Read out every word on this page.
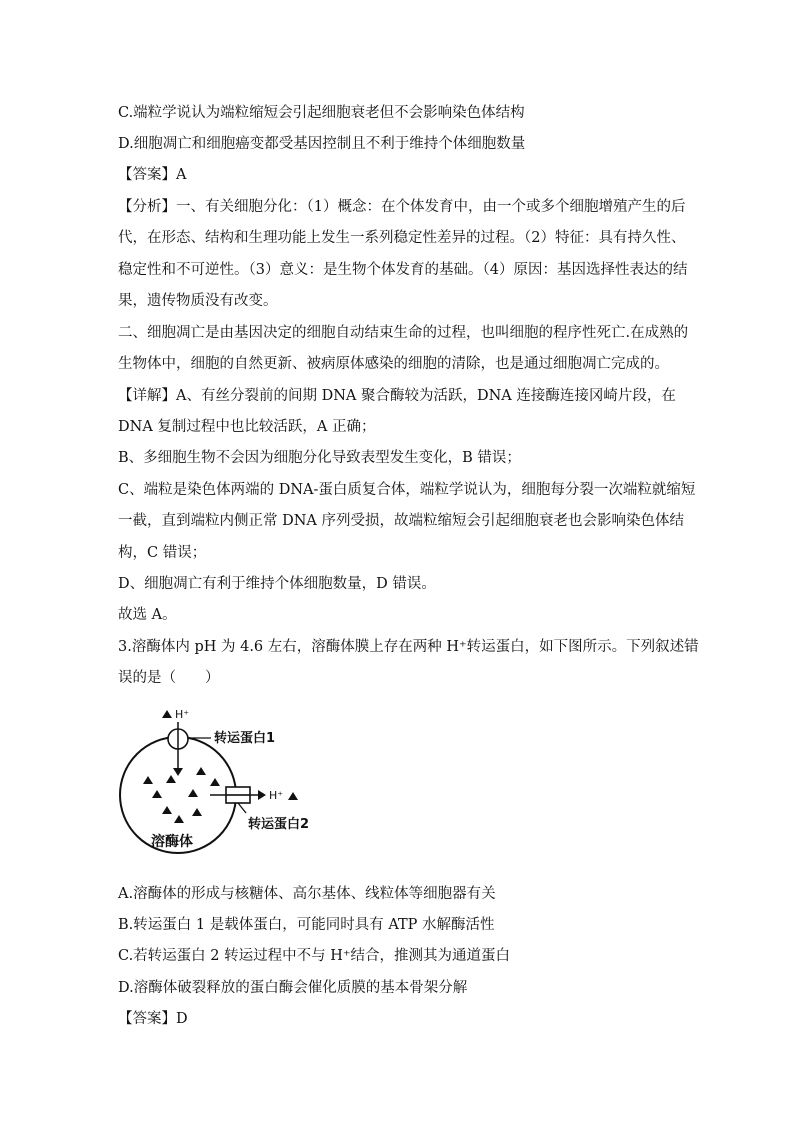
C.端粒学说认为端粒缩短会引起细胞衰老但不会影响染色体结构
D.细胞凋亡和细胞癌变都受基因控制且不利于维持个体细胞数量
【答案】A
【分析】一、有关细胞分化：（1）概念：在个体发育中，由一个或多个细胞增殖产生的后
代，在形态、结构和生理功能上发生一系列稳定性差异的过程。（2）特征：具有持久性、
稳定性和不可逆性。（3）意义：是生物个体发育的基础。（4）原因：基因选择性表达的结
果，遗传物质没有改变。
二、细胞凋亡是由基因决定的细胞自动结束生命的过程，也叫细胞的程序性死亡.在成熟的
生物体中，细胞的自然更新、被病原体感染的细胞的清除，也是通过细胞凋亡完成的。
【详解】A、有丝分裂前的间期 DNA 聚合酶较为活跃，DNA 连接酶连接冈崎片段，在
DNA 复制过程中也比较活跃，A 正确；
B、多细胞生物不会因为细胞分化导致表型发生变化，B 错误；
C、端粒是染色体两端的 DNA-蛋白质复合体，端粒学说认为，细胞每分裂一次端粒就缩短
一截，直到端粒内侧正常 DNA 序列受损，故端粒缩短会引起细胞衰老也会影响染色体结
构，C 错误；
D、细胞凋亡有利于维持个体细胞数量，D 错误。
故选 A。
3.溶酶体内 pH 为 4.6 左右，溶酶体膜上存在两种 H⁺转运蛋白，如下图所示。下列叙述错
误的是（　　）
H⁺
转运蛋白1
H⁺
转运蛋白2
溶酶体
A.溶酶体的形成与核糖体、高尔基体、线粒体等细胞器有关
B.转运蛋白 1 是载体蛋白，可能同时具有 ATP 水解酶活性
C.若转运蛋白 2 转运过程中不与 H⁺结合，推测其为通道蛋白
D.溶酶体破裂释放的蛋白酶会催化质膜的基本骨架分解
【答案】D
